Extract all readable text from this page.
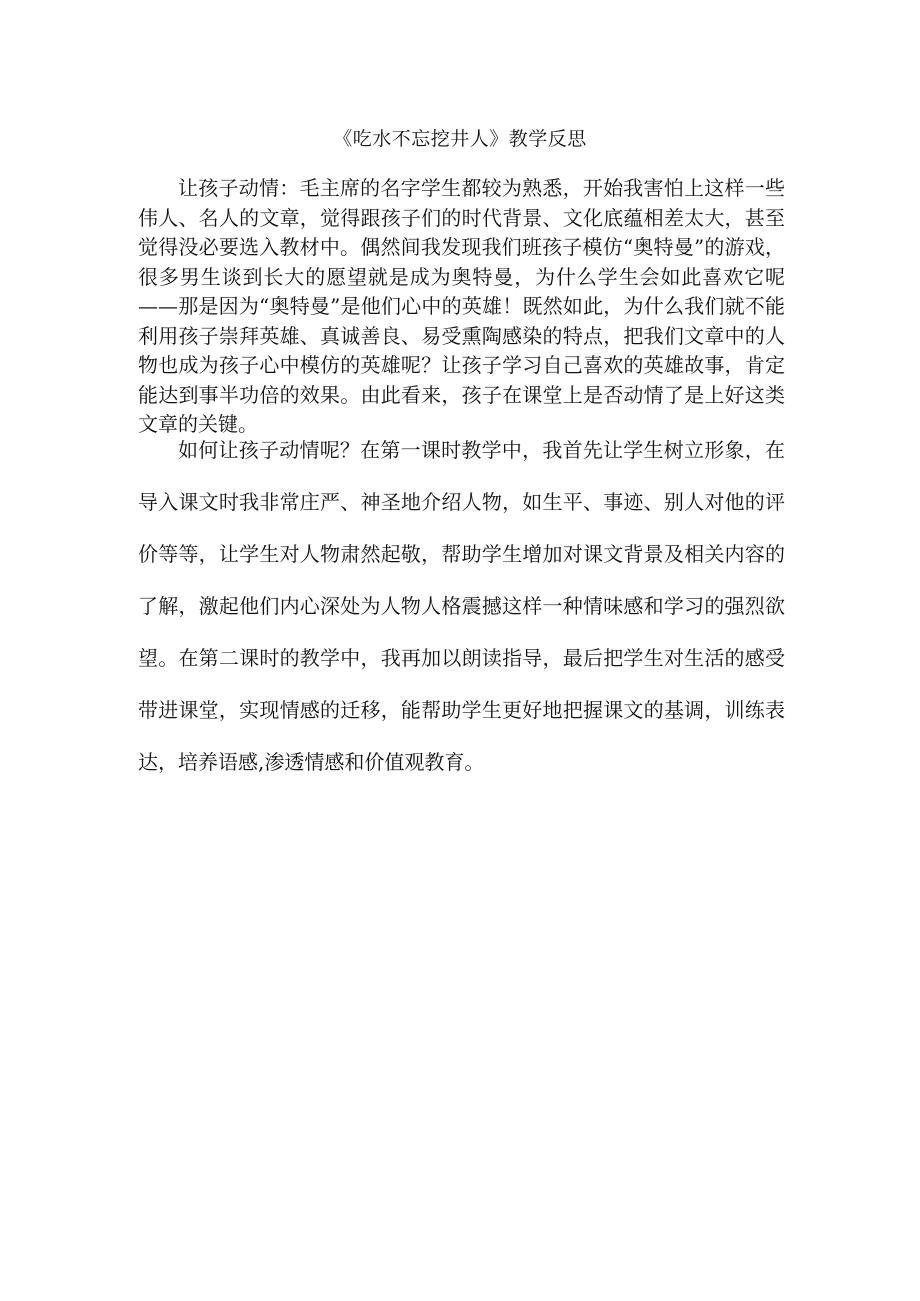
《吃水不忘挖井人》教学反思

让孩子动情：毛主席的名字学生都较为熟悉，开始我害怕上这样一些伟人、名人的文章，觉得跟孩子们的时代背景、文化底蕴相差太大，甚至觉得没必要选入教材中。偶然间我发现我们班孩子模仿“奥特曼”的游戏，很多男生谈到长大的愿望就是成为奥特曼，为什么学生会如此喜欢它呢——那是因为“奥特曼”是他们心中的英雄！既然如此，为什么我们就不能利用孩子崇拜英雄、真诚善良、易受熏陶感染的特点，把我们文章中的人物也成为孩子心中模仿的英雄呢？让孩子学习自己喜欢的英雄故事，肯定能达到事半功倍的效果。由此看来，孩子在课堂上是否动情了是上好这类文章的关键。

如何让孩子动情呢？在第一课时教学中，我首先让学生树立形象，在导入课文时我非常庄严、神圣地介绍人物，如生平、事迹、别人对他的评价等等，让学生对人物肃然起敬，帮助学生增加对课文背景及相关内容的了解，激起他们内心深处为人物人格震撼这样一种情味感和学习的强烈欲望。在第二课时的教学中，我再加以朗读指导，最后把学生对生活的感受带进课堂，实现情感的迁移，能帮助学生更好地把握课文的基调，训练表达，培养语感,渗透情感和价值观教育。
